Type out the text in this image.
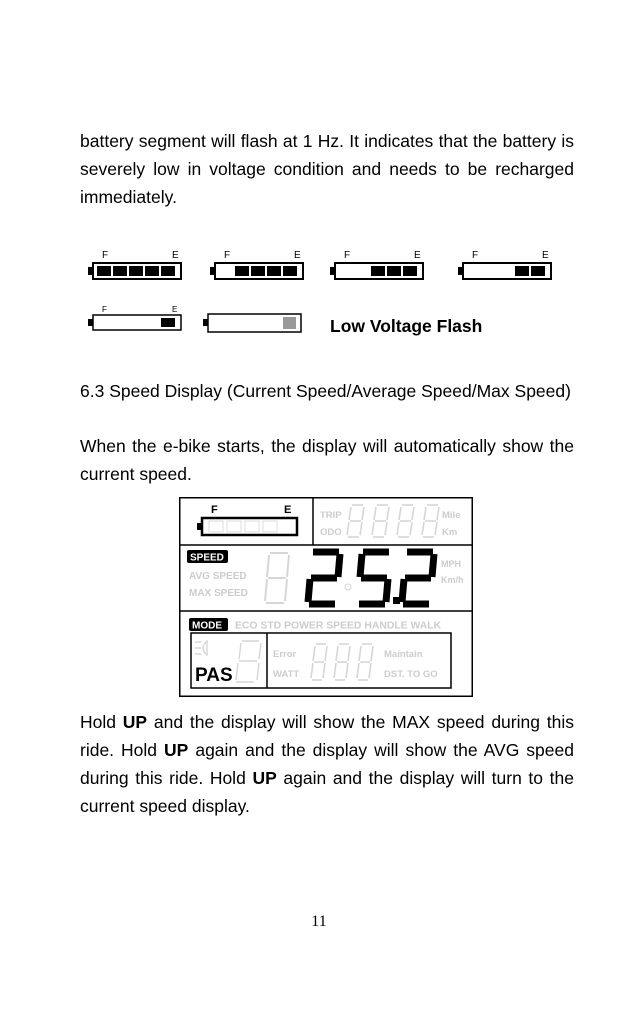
battery segment will flash at 1 Hz. It indicates that the battery is severely low in voltage condition and needs to be recharged immediately.
F	E	F	E	F	E	F	E
F	E
Low Voltage Flash
6.3 Speed Display (Current Speed/Average Speed/Max Speed)
When the e-bike starts, the display will automatically show the current speed.
F	E	TRIP
ODO
Mile
Km
SPEED
AVG SPEED
MAX SPEED
MPH
Km/h
MODE ECO STD POWER SPEED HANDLE WALK
PAS
Error
WATT
Maintain
DST. TO GO
Hold UP and the display will show the MAX speed during this ride. Hold UP again and the display will show the AVG speed during this ride. Hold UP again and the display will turn to the current speed display.
11
